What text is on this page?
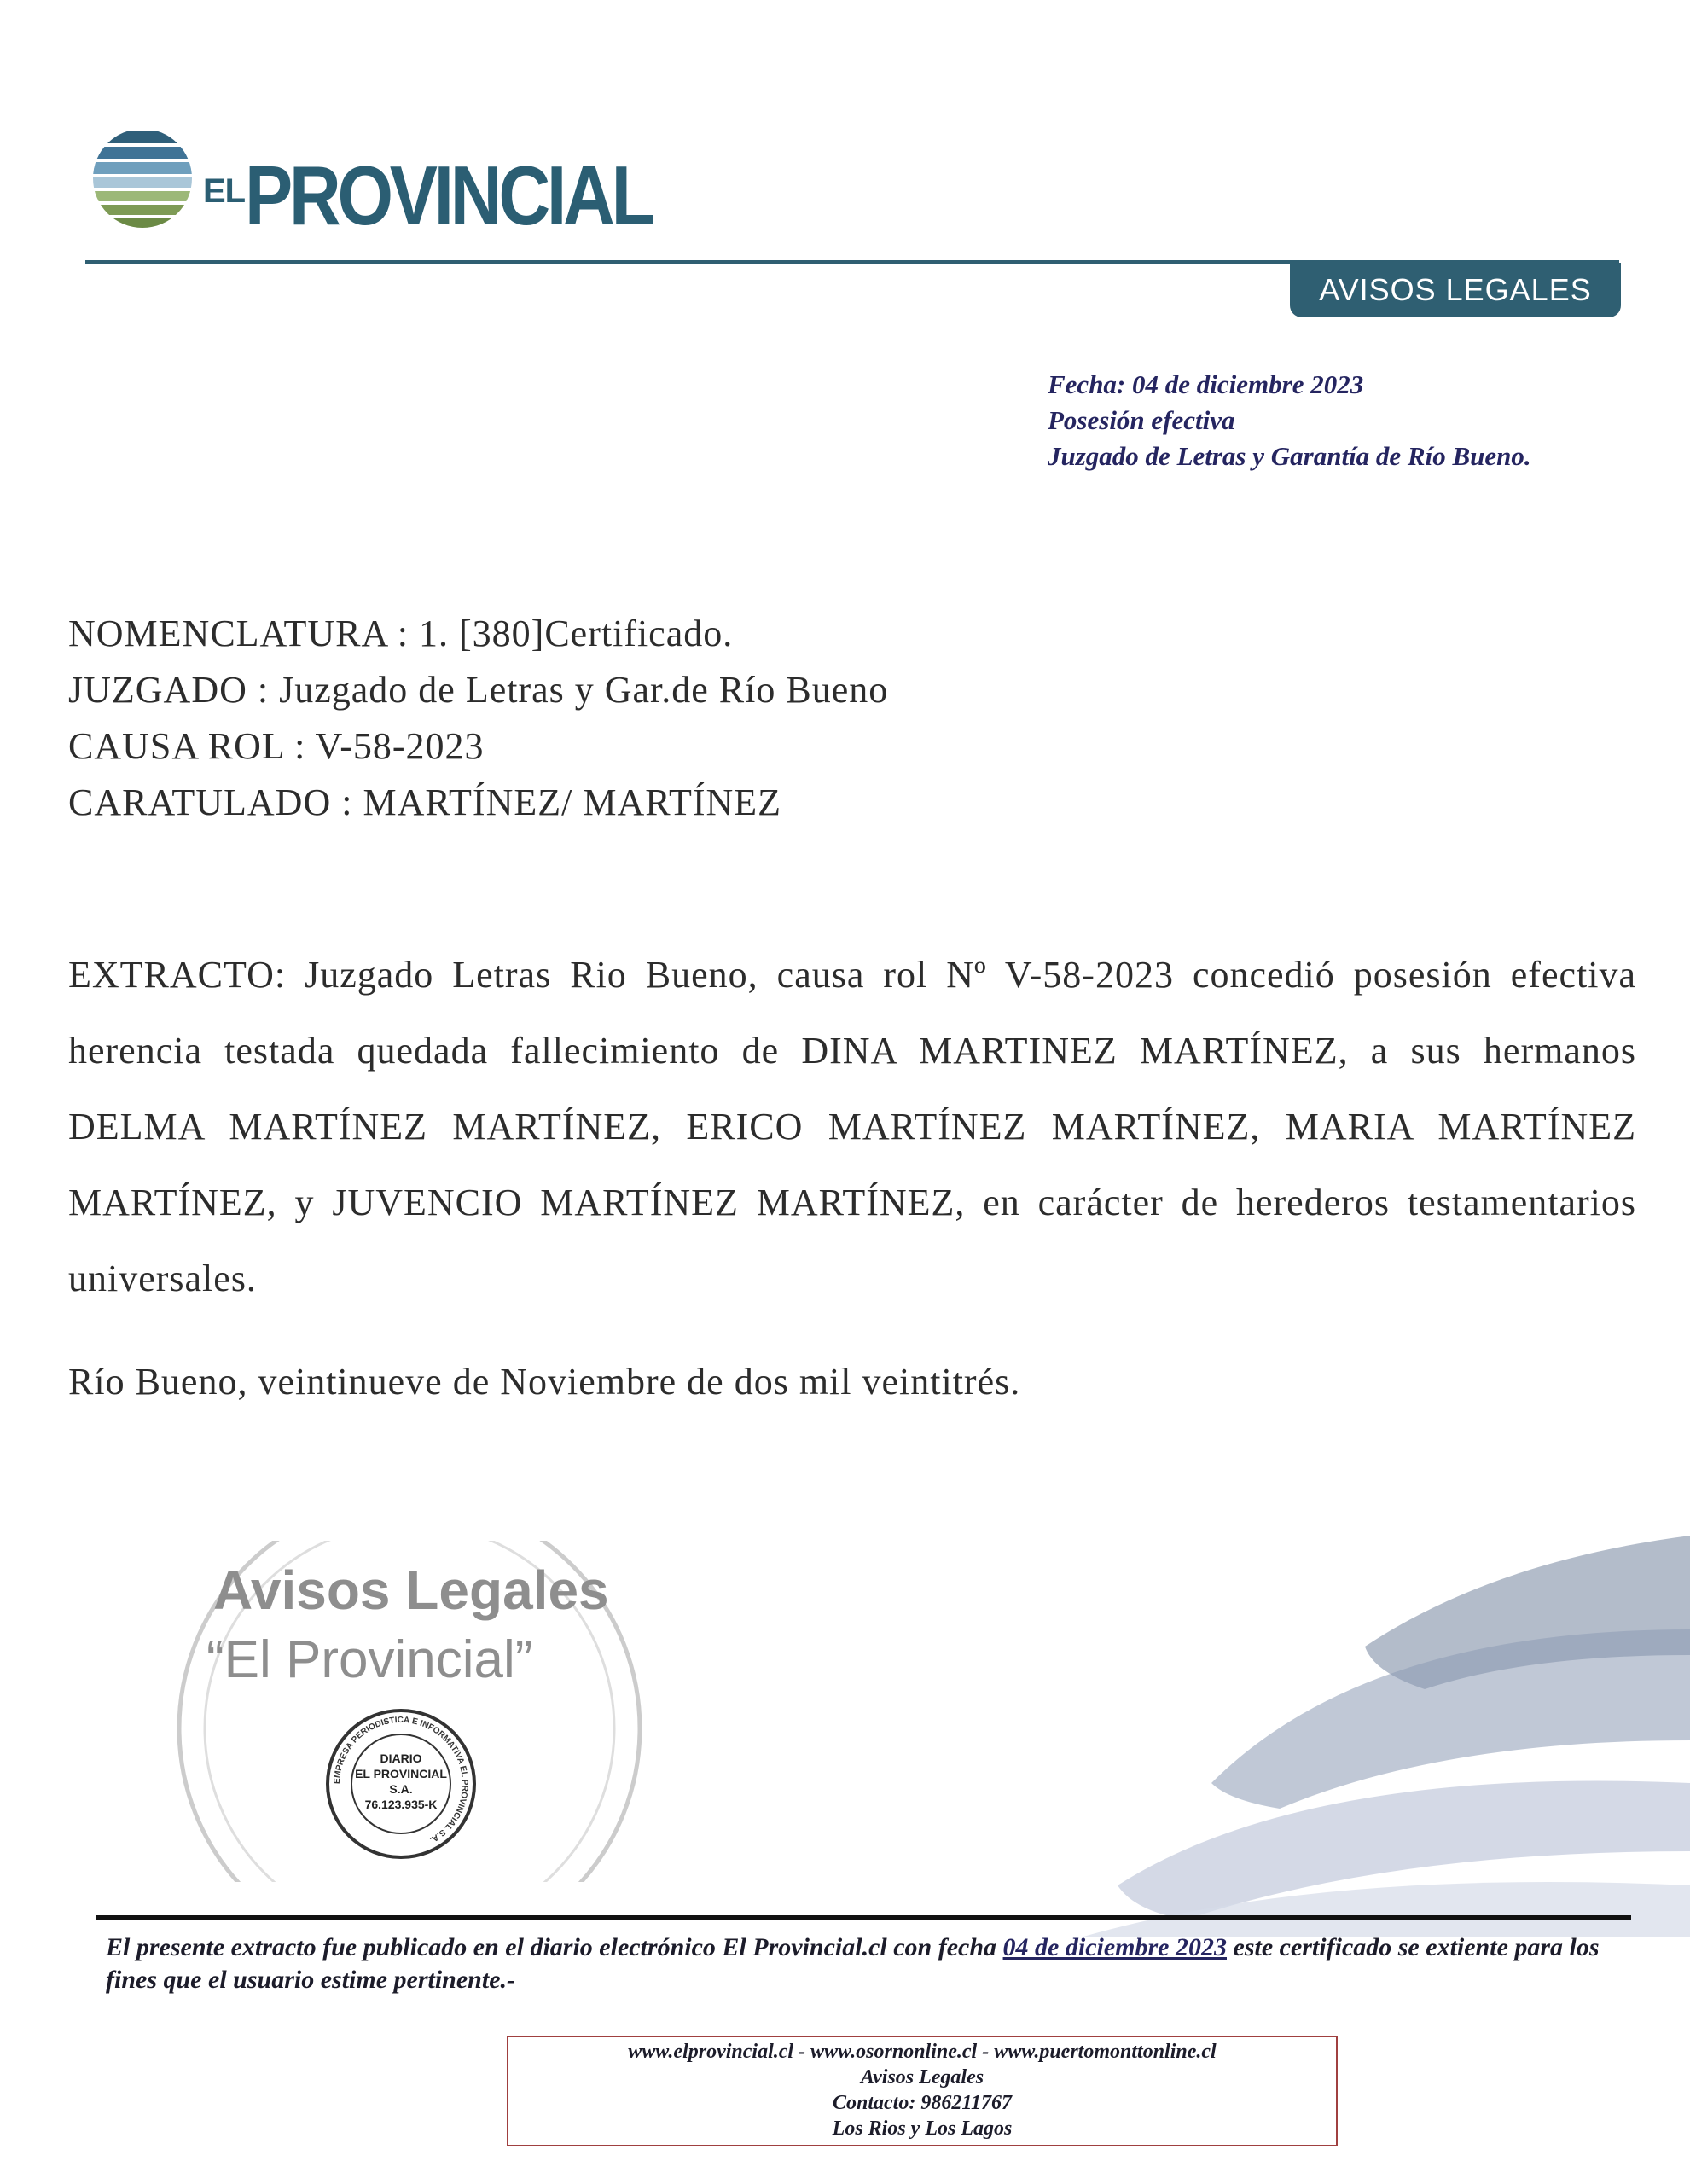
EL PROVINCIAL
AVISOS LEGALES
Fecha: 04 de diciembre 2023
Posesión efectiva
Juzgado de Letras y Garantía de Río Bueno.
NOMENCLATURA : 1. [380]Certificado.
JUZGADO : Juzgado de Letras y Gar.de Río Bueno
CAUSA ROL : V-58-2023
CARATULADO : MARTÍNEZ/ MARTÍNEZ
EXTRACTO: Juzgado Letras Rio Bueno, causa rol Nº V-58-2023 concedió posesión efectiva herencia testada quedada fallecimiento de DINA MARTINEZ MARTÍNEZ, a sus hermanos DELMA MARTÍNEZ MARTÍNEZ, ERICO MARTÍNEZ MARTÍNEZ, MARIA MARTÍNEZ MARTÍNEZ, y JUVENCIO MARTÍNEZ MARTÍNEZ, en carácter de herederos testamentarios universales.
Río Bueno, veintinueve de Noviembre de dos mil veintitrés.
Avisos Legales
“El Provincial”
EMPRESA PERIODISTICA E INFORMATIVA EL PROVINCIAL S.A.
DIARIO
EL PROVINCIAL
S.A.
76.123.935-K
El presente extracto fue publicado en el diario electrónico El Provincial.cl con fecha 04 de diciembre 2023 este certificado se extiente para los fines que el usuario estime pertinente.-
www.elprovincial.cl - www.osornonline.cl - www.puertomonttonline.cl
Avisos Legales
Contacto: 986211767
Los Rios y Los Lagos
